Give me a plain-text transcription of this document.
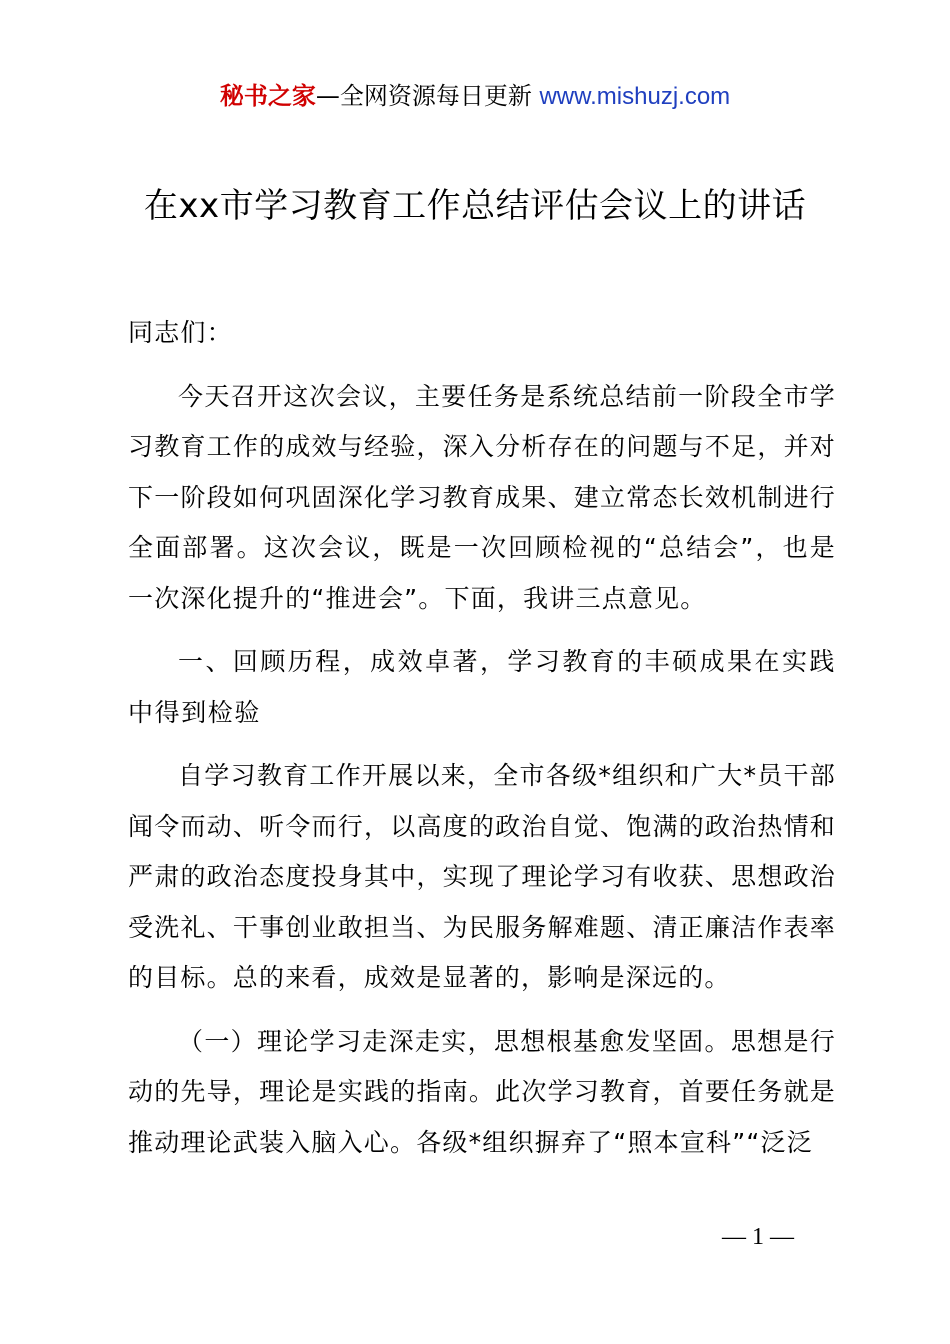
秘书之家—全网资源每日更新 www.mishuzj.com
在xx市学习教育工作总结评估会议上的讲话

同志们：

今天召开这次会议，主要任务是系统总结前一阶段全市学习教育工作的成效与经验，深入分析存在的问题与不足，并对下一阶段如何巩固深化学习教育成果、建立常态长效机制进行全面部署。这次会议，既是一次回顾检视的“总结会”，也是一次深化提升的“推进会”。下面，我讲三点意见。

一、回顾历程，成效卓著，学习教育的丰硕成果在实践中得到检验

自学习教育工作开展以来，全市各级*组织和广大*员干部闻令而动、听令而行，以高度的政治自觉、饱满的政治热情和严肃的政治态度投身其中，实现了理论学习有收获、思想政治受洗礼、干事创业敢担当、为民服务解难题、清正廉洁作表率的目标。总的来看，成效是显著的，影响是深远的。

（一）理论学习走深走实，思想根基愈发坚固。思想是行动的先导，理论是实践的指南。此次学习教育，首要任务就是推动理论武装入脑入心。各级*组织摒弃了“照本宣科”“泛泛

— 1 —
